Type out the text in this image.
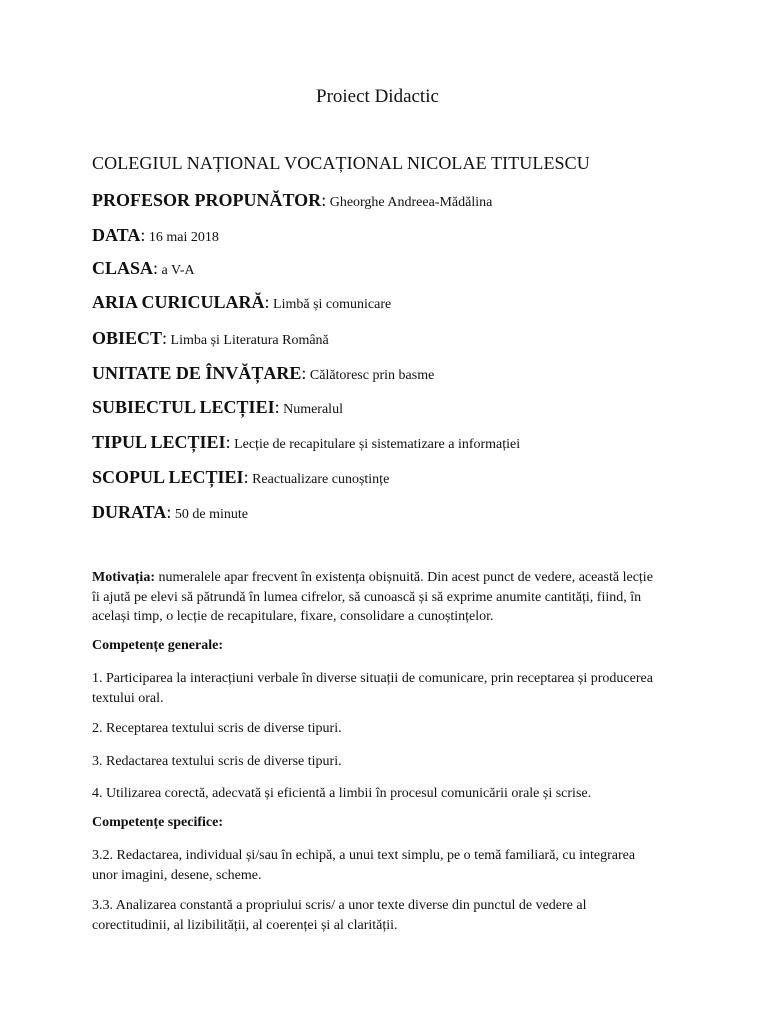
Proiect Didactic
COLEGIUL NAȚIONAL VOCAȚIONAL NICOLAE TITULESCU
PROFESOR PROPUNĂTOR: Gheorghe Andreea-Mădălina
DATA: 16 mai 2018
CLASA: a V-A
ARIA CURICULARĂ: Limbă și comunicare
OBIECT: Limba și Literatura Română
UNITATE DE ÎNVĂȚARE: Călătoresc prin basme
SUBIECTUL LECȚIEI: Numeralul
TIPUL LECȚIEI: Lecție de recapitulare și sistematizare a informației
SCOPUL LECȚIEI: Reactualizare cunoștințe
DURATA: 50 de minute
Motivația: numeralele apar frecvent în existența obișnuită. Din acest punct de vedere, această lecție îi ajută pe elevi să pătrundă în lumea cifrelor, să cunoască și să exprime anumite cantități, fiind, în același timp, o lecție de recapitulare, fixare, consolidare a cunoștințelor.
Competențe generale:
1. Participarea la interacțiuni verbale în diverse situații de comunicare, prin receptarea și producerea textului oral.
2. Receptarea textului scris de diverse tipuri.
3. Redactarea textului scris de diverse tipuri.
4. Utilizarea corectă, adecvată și eficientă a limbii în procesul comunicării orale și scrise.
Competențe specifice:
3.2. Redactarea, individual și/sau în echipă, a unui text simplu, pe o temă familiară, cu integrarea unor imagini, desene, scheme.
3.3. Analizarea constantă a propriului scris/ a unor texte diverse din punctul de vedere al corectitudinii, al lizibilității, al coerenței și al clarității.
